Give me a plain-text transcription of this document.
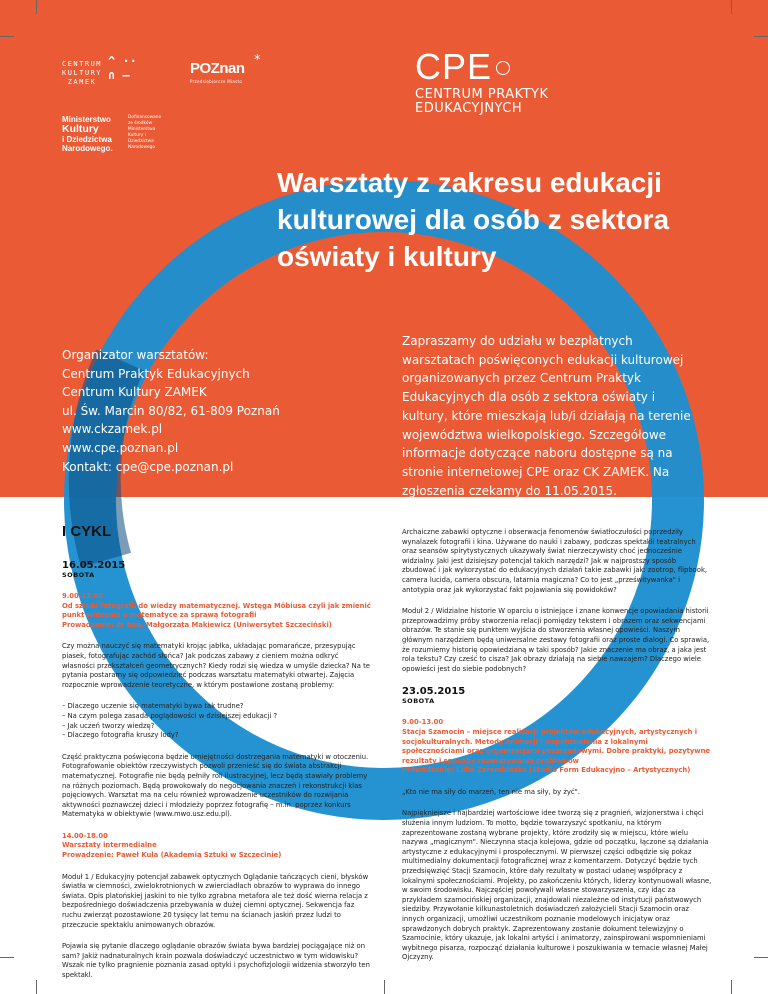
CENTRUM
KULTURY
ZAMEK
^ ··
∩ —	POZnan *
Przedsiębiorcze Miasto
Ministerstwo
Kultury
i Dziedzictwa
Narodowego.
Dofinansowano
ze środków
Ministerstwa
Kultury i Dziedzictwa
Narodowego
CPE
CENTRUM PRAKTYK
EDUKACYJNYCH
Warsztaty z zakresu edukacji kulturowej dla osób z sektora oświaty i kultury
Organizator warsztatów:
Centrum Praktyk Edukacyjnych
Centrum Kultury ZAMEK
ul. Św. Marcin 80/82, 61-809 Poznań
www.ckzamek.pl
www.cpe.poznan.pl
Kontakt: cpe@cpe.poznan.pl

Zapraszamy do udziału w bezpłatnych warsztatach poświęconych edukacji kulturowej organizowanych przez Centrum Praktyk Edukacyjnych dla osób z sektora oświaty i kultury, które mieszkają lub/i działają na terenie województwa wielkopolskiego. Szczegółowe informacje dotyczące naboru dostępne są na stronie internetowej CPE oraz CK ZAMEK. Na zgłoszenia czekamy do 11.05.2015.

I CYKL
16.05.2015
SOBOTA
9.00-13.00
Od sztuki fotografii do wiedzy matematycznej. Wstęga Möbiusa czyli jak zmienić punkt widzenia o matematyce za sprawą fotografii

Prowadzenie: dr hab. Małgorzata Makiewicz (Uniwersytet Szczeciński)

Czy można nauczyć się matematyki krojąc jabłka, układając pomarańcze, przesypując piasek, fotografując zachód słońca? Jak podczas zabawy z cieniem można odkryć własności przekształceń geometrycznych? Kiedy rodzi się wiedza w umyśle dziecka? Na te pytania postaramy się odpowiedzieć podczas warsztatu matematyki otwartej. Zajęcia rozpocznie wprowadzenie teoretyczne, w którym postawione zostaną problemy:

– Dlaczego uczenie się matematyki bywa tak trudne?
– Na czym polega zasada poglądowości w dzisiejszej edukacji ?
– Jak uczeń tworzy wiedzę?
– Dlaczego fotografia kruszy lody?

Część praktyczna poświęcona będzie umiejętności dostrzegania matematyki w otoczeniu. Fotografowanie obiektów rzeczywistych pozwoli przenieść się do świata abstrakcji matematycznej. Fotografie nie będą pełniły roli ilustracyjnej, lecz będą stawiały problemy na różnych poziomach. Będą prowokowały do negocjowania znaczeń i rekonstrukcji klas pojęciowych. Warsztat ma na celu również wprowadzenie uczestników do rozwijania aktywności poznawczej dzieci i młodzieży poprzez fotografię – m.in. poprzez konkurs Matematyka w obiektywie (www.mwo.usz.edu.pl).

14.00-18.00
Warsztaty intermedialne

Prowadzenie: Paweł Kula (Akademia Sztuki w Szczecinie)

Moduł 1 / Edukacyjny potencjał zabawek optycznych Oglądanie tańczących cieni, błysków światła w ciemności, zwielokrotnionych w zwierciadłach obrazów to wyprawa do innego świata. Opis platońskiej jaskini to nie tylko zgrabna metafora ale też dość wierna relacja z bezpośredniego doświadczenia przebywania w dużej ciemni optycznej. Sekwencja faz ruchu zwierząt pozostawione 20 tysięcy lat temu na ścianach jaskiń przez ludzi to przeczucie spektaklu animowanych obrazów.

Pojawia się pytanie dlaczego oglądanie obrazów świata bywa bardziej pociągające niż on sam? Jakiż nadnaturalnych krain pozwala doświadczyć uczestnictwo w tym widowisku? Wszak nie tylko pragnienie poznania zasad optyki i psychofizjologii widzenia stworzyło ten spektakl.

Archaiczne zabawki optyczne i obserwacja fenomenów światłoczułości poprzedziły wynalazek fotografii i kina. Używane do nauki i zabawy, podczas spektakli teatralnych oraz seansów spirytystycznych ukazywały świat nierzeczywisty choć jednocześnie widzialny. Jaki jest dzisiejszy potencjał takich narzędzi? Jak w najprostszy sposób zbudować i jak wykorzystać do edukacyjnych działań takie zabawki jak: zootrop, flipbook, camera lucida, camera obscura, latarnia magiczna? Co to jest „prześwitywanka" i antotypia oraz jak wykorzystać fakt pojawiania się powidoków?

Moduł 2 / Widzialne historie W oparciu o istniejące i znane konwencje opowiadania historii przeprowadzimy próby stworzenia relacji pomiędzy tekstem i obrazem oraz sekwencjami obrazów. Te stanie się punktem wyjścia do stworzenia własnej opowieści. Naszym głównym narzędziem będą uniwersalne zestawy fotografii oraz proste dialogi. Co sprawia, że rozumiemy historię opowiedzianą w taki sposób? Jakie znaczenie ma obraz, a jaka jest rola tekstu? Czy cześć to cisza? Jak obrazy działają na siebie nawzajem? Dlaczego wiele opowieści jest do siebie podobnych?

23.05.2015
SOBOTA
9.00-13.00
Stacja Szamocin – miejsce realizacji projektów edukacyjnych, artystycznych i socjokulturalnych. Metody animacji i współdziałania z lokalnymi społecznościami oraz organizacjami pozarządowymi. Dobre praktyki, pozytywne rezultaty i sposoby rozwiązywania problemów

Prowadzenie: Lidia Zarembińska (Studio Form Edukacyjno – Artystycznych)

„Kto nie ma siły do marzeń, ten nie ma siły, by żyć".

Najpiękniejsze i najbardziej wartościowe idee tworzą się z pragnień, wizjonerstwa i chęci służenia innym ludziom. To motto, będzie towarzyszyć spotkaniu, na którym zaprezentowane zostaną wybrane projekty, które zrodziły się w miejscu, które wielu nazywa „magicznym". Nieczynna stacja kolejowa, gdzie od początku, łączone są działania artystyczne z edukacyjnymi i prospołecznymi. W pierwszej części odbędzie się pokaz multimedialny dokumentacji fotograficznej wraz z komentarzem. Dotyczyć będzie tych przedsięwzięć Stacji Szamocin, które dały rezultaty w postaci udanej współpracy z lokalnymi społecznościami. Projekty, po zakończeniu których, liderzy kontynuowali własne, w swoim środowisku. Najczęściej powoływali własne stowarzyszenia, czy idąc za przykładem szamocińskiej organizacji, znajdowali niezależne od instytucji państwowych siedziby. Przywołanie kilkunastoletnich doświadczeń założycieli Stacji Szamocin oraz innych organizacji, umożliwi uczestnikom poznanie modelowych inicjatyw oraz sprawdzonych dobrych praktyk. Zaprezentowany zostanie dokument telewizyjny o Szamocinie, który ukazuje, jak lokalni artyści i animatorzy, zainspirowani wspomnieniami wybitnego pisarza, rozpocząć działania kulturowe i poszukiwania w temacie własnej Małej Ojczyzny.
